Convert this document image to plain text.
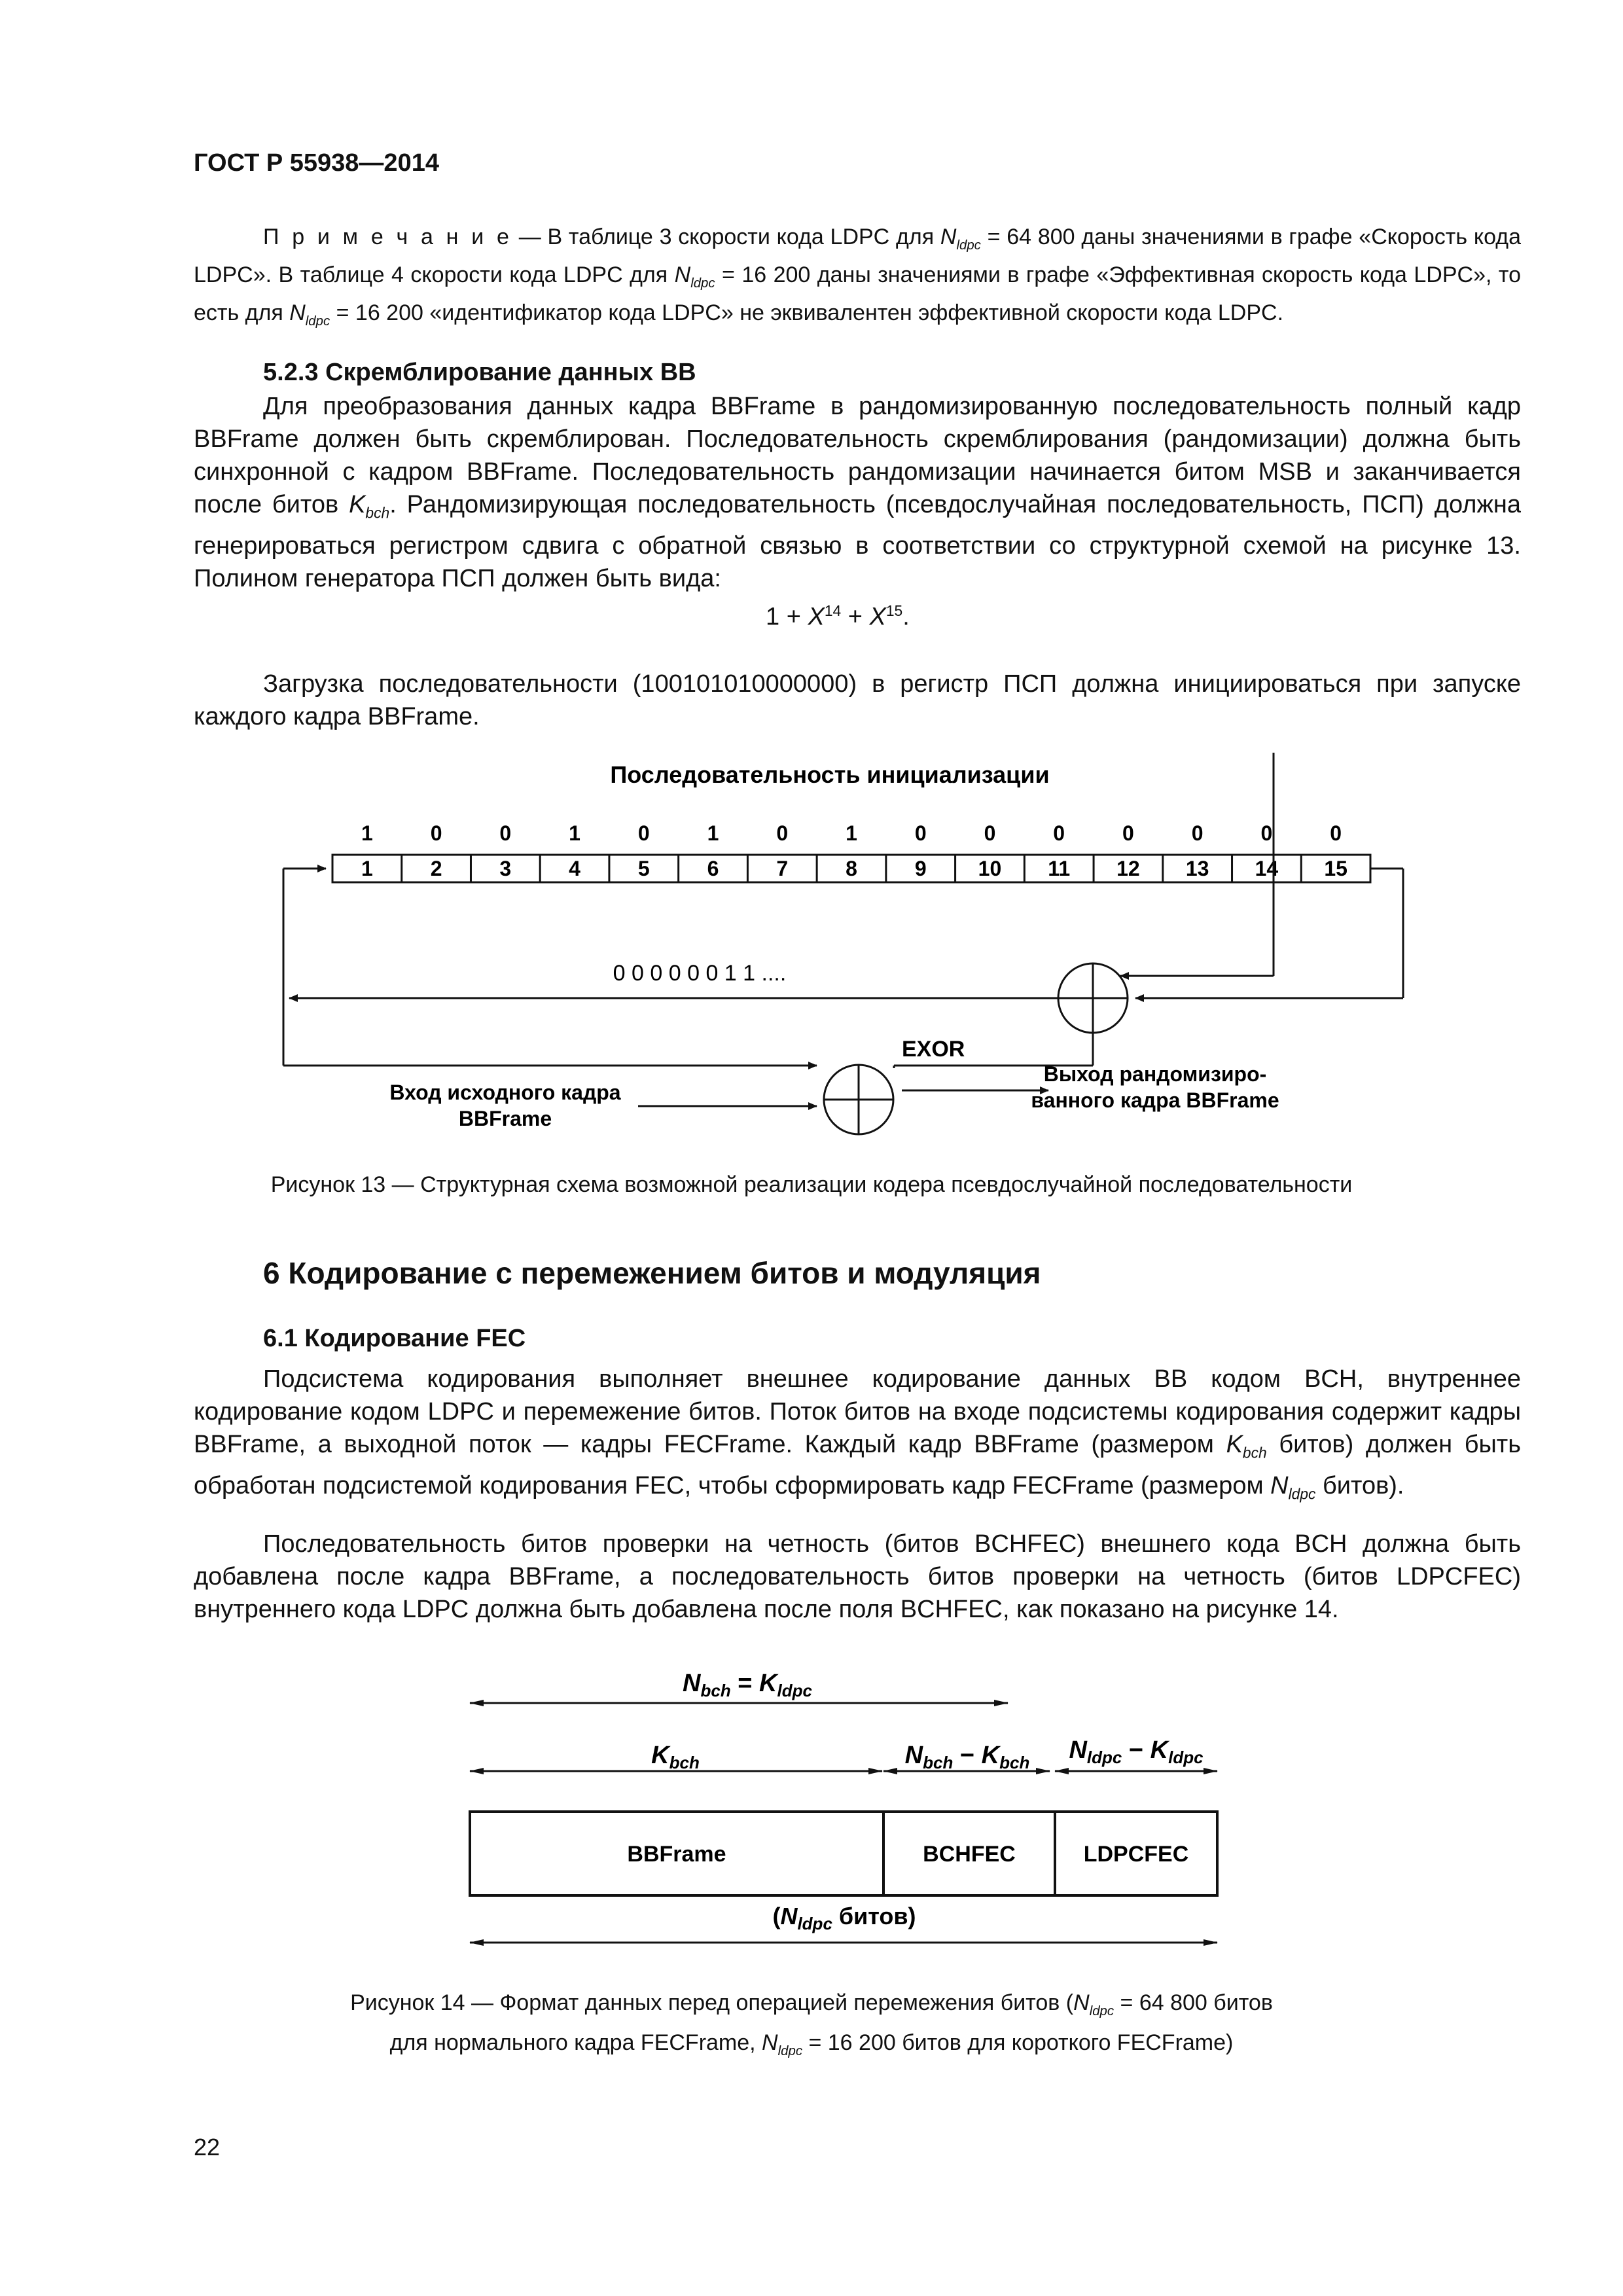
ГОСТ Р 55938—2014
П р и м е ч а н и е — В таблице 3 скорости кода LDPC для $N_{ldpc} = 64$ 800 даны значениями в графе «Скорость кода LDPC». В таблице 4 скорости кода LDPC для $N_{ldpc} = 16$ 200 даны значениями в графе «Эффективная скорость кода LDPC», то есть для $N_{ldpc} = 16$ 200 «идентификатор кода LDPC» не эквивалентен эффективной скорости кода LDPC.
5.2.3 Скремблирование данных BB
Для преобразования данных кадра BBFrame в рандомизированную последовательность полный кадр BBFrame должен быть скремблирован. Последовательность скремблирования (рандомизации) должна быть синхронной с кадром BBFrame. Последовательность рандомизации начинается битом MSB и заканчивается после битов $K_{bch}$. Рандомизирующая последовательность (псевдослучайная последовательность, ПСП) должна генерироваться регистром сдвига с обратной связью в соответствии со структурной схемой на рисунке 13. Полином генератора ПСП должен быть вида:
$1 + X^{14} + X^{15}$.
Загрузка последовательности (100101010000000) в регистр ПСП должна инициироваться при запуске каждого кадра BBFrame.
Последовательность инициализации
1	0	0	1	0	1	0	1	0	0	0	0	0	0	0
1	2	3	4	5	6	7	8	9 10 11 12 13 14 15
0 0 0 0 0 0 1 1 ....
EXOR
Вход исходного кадра
BBFrame
Выход рандомизиро-
ванного кадра BBFrame
Рисунок 13 — Структурная схема возможной реализации кодера псевдослучайной последовательности
6 Кодирование с перемежением битов и модуляция
6.1 Кодирование FEC
Подсистема кодирования выполняет внешнее кодирование данных BB кодом BCH, внутреннее кодирование кодом LDPC и перемежение битов. Поток битов на входе подсистемы кодирования содержит кадры BBFrame, а выходной поток — кадры FECFrame. Каждый кадр BBFrame (размером $K_{bch}$ битов) должен быть обработан подсистемой кодирования FEC, чтобы сформировать кадр FECFrame (размером $N_{ldpc}$ битов).
Последовательность битов проверки на четность (битов BCHFEC) внешнего кода BCH должна быть добавлена после кадра BBFrame, а последовательность битов проверки на четность (битов LDPCFEC) внутреннего кода LDPC должна быть добавлена после поля BCHFEC, как показано на рисунке 14.
$N_{bch} = K_{ldpc}$
$K_{bch}$	$N_{bch} - K_{bch}$ $N_{ldpc} - K_{ldpc}$
BBFrame	BCHFEC	LDPCFEC
($N_{ldpc}$ битов)
Рисунок 14 — Формат данных перед операцией перемежения битов ($N_{ldpc} = 64$ 800 битов
для нормального кадра FECFrame, $N_{ldpc} = 16$ 200 битов для короткого FECFrame)
22
